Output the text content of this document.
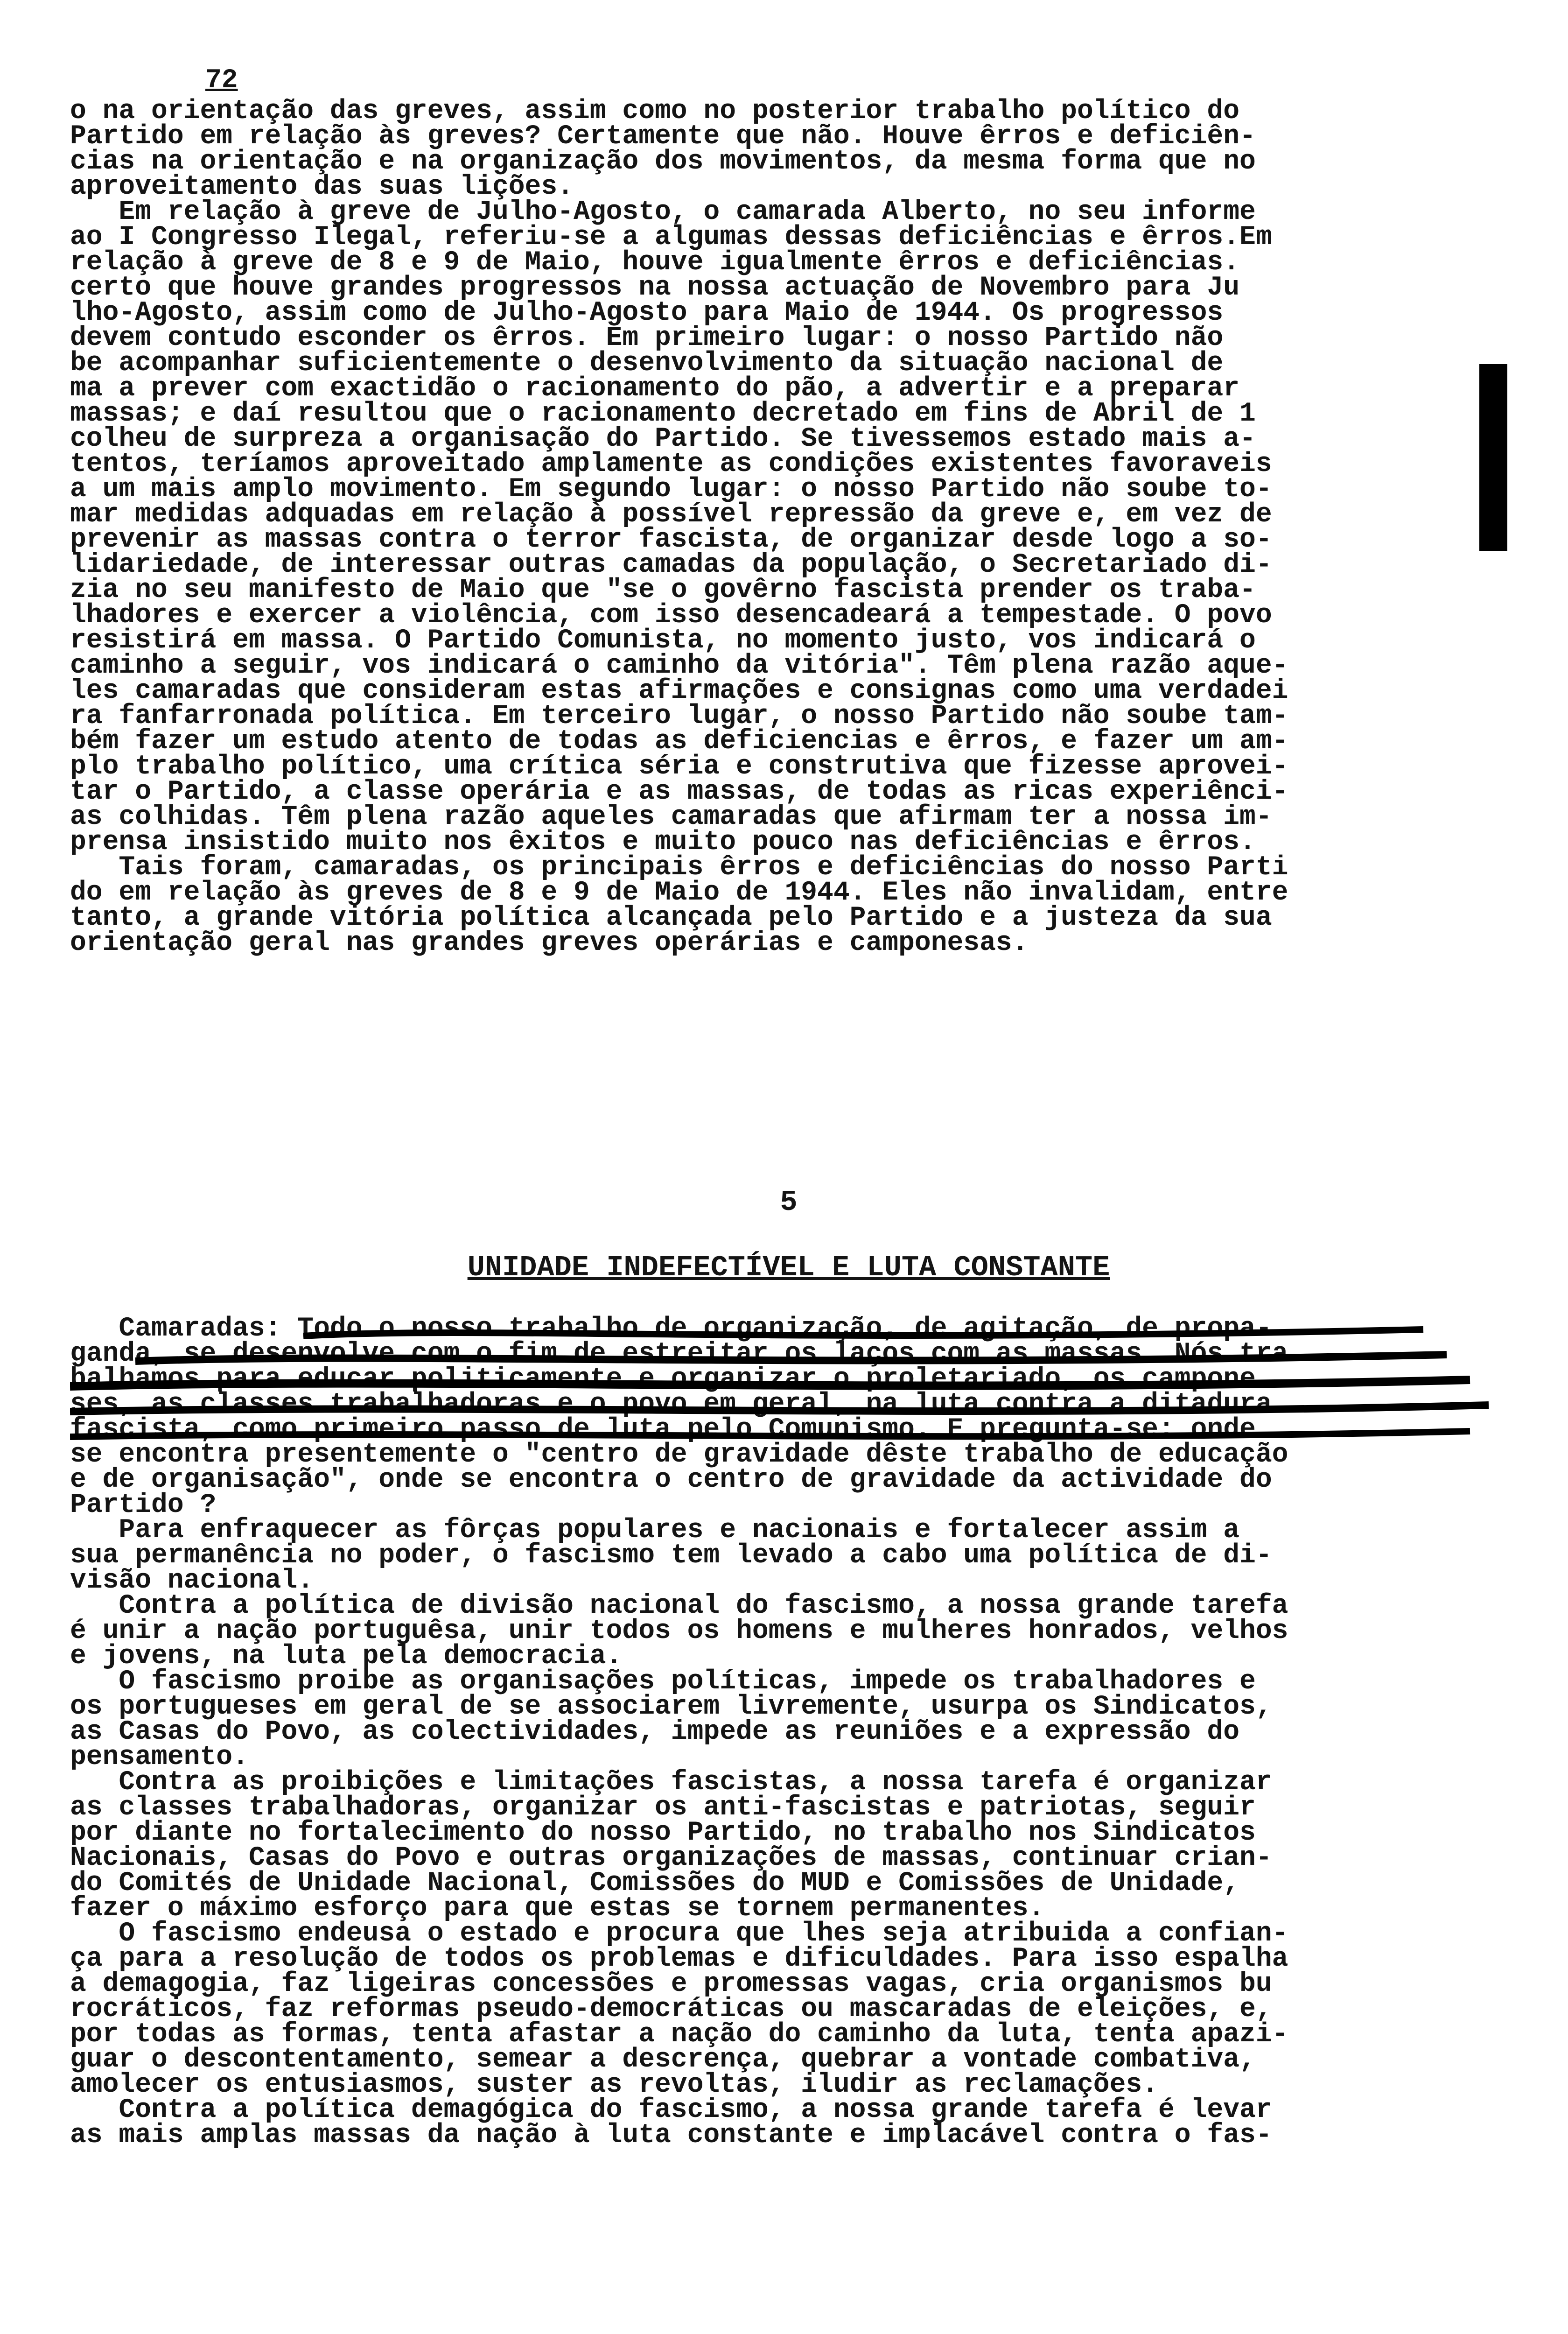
72
o na orientação das greves, assim como no posterior trabalho político do
Partido em relação às greves? Certamente que não. Houve êrros e deficiên-
cias na orientação e na organização dos movimentos, da mesma forma que no
aproveitamento das suas lições.
Em relação à greve de Julho-Agosto, o camarada Alberto, no seu informe
ao I Congresso Ilegal, referiu-se a algumas dessas deficiências e êrros.Em
relação à greve de 8 e 9 de Maio, houve igualmente êrros e deficiências.
certo que houve grandes progressos na nossa actuação de Novembro para Ju
lho-Agosto, assim como de Julho-Agosto para Maio de 1944. Os progressos
devem contudo esconder os êrros. Em primeiro lugar: o nosso Partido não
be acompanhar suficientemente o desenvolvimento da situação nacional de
ma a prever com exactidão o racionamento do pão, a advertir e a preparar
massas; e daí resultou que o racionamento decretado em fins de Abril de 1
colheu de surpreza a organisação do Partido. Se tivessemos estado mais a-
tentos, teríamos aproveitado amplamente as condições existentes favoraveis
a um mais amplo movimento. Em segundo lugar: o nosso Partido não soube to-
mar medidas adquadas em relação à possível repressão da greve e, em vez de
prevenir as massas contra o terror fascista, de organizar desde logo a so-
lidariedade, de interessar outras camadas da população, o Secretariado di-
zia no seu manifesto de Maio que "se o govêrno fascista prender os traba-
lhadores e exercer a violência, com isso desencadeará a tempestade. O povo
resistirá em massa. O Partido Comunista, no momento justo, vos indicará o
caminho a seguir, vos indicará o caminho da vitória". Têm plena razão aque-
les camaradas que consideram estas afirmações e consignas como uma verdadei
ra fanfarronada política. Em terceiro lugar, o nosso Partido não soube tam-
bém fazer um estudo atento de todas as deficiencias e êrros, e fazer um am-
plo trabalho político, uma crítica séria e construtiva que fizesse aprovei-
tar o Partido, a classe operária e as massas, de todas as ricas experiênci-
as colhidas. Têm plena razão aqueles camaradas que afirmam ter a nossa im-
prensa insistido muito nos êxitos e muito pouco nas deficiências e êrros.
Tais foram, camaradas, os principais êrros e deficiências do nosso Parti
do em relação às greves de 8 e 9 de Maio de 1944. Eles não invalidam, entre
tanto, a grande vitória política alcançada pelo Partido e a justeza da sua
orientação geral nas grandes greves operárias e camponesas.
5
UNIDADE INDEFECTÍVEL E LUTA CONSTANTE
Camaradas: Todo o nosso trabalho de organização, de agitação, de propa-
ganda, se desenvolve com o fim de estreitar os laços com as massas. Nós tra
balhamos para educar politicamente e organizar o proletariado, os campone
ses, as classes trabalhadoras e o povo em geral, na luta contra a ditadura
fascista, como primeiro passo de luta pelo Comunismo. E pregunta-se: onde
se encontra presentemente o "centro de gravidade dêste trabalho de educação
e de organisação", onde se encontra o centro de gravidade da actividade do
Partido ?
Para enfraquecer as fôrças populares e nacionais e fortalecer assim a
sua permanência no poder, o fascismo tem levado a cabo uma política de di-
visão nacional.
Contra a política de divisão nacional do fascismo, a nossa grande tarefa
é unir a nação portuguêsa, unir todos os homens e mulheres honrados, velhos
e jovens, na luta pela democracia.
O fascismo proibe as organisações políticas, impede os trabalhadores e
os portugueses em geral de se associarem livremente, usurpa os Sindicatos,
as Casas do Povo, as colectividades, impede as reuniões e a expressão do
pensamento.
Contra as proibições e limitações fascistas, a nossa tarefa é organizar
as classes trabalhadoras, organizar os anti-fascistas e patriotas, seguir
por diante no fortalecimento do nosso Partido, no trabalho nos Sindicatos
Nacionais, Casas do Povo e outras organizações de massas, continuar crian-
do Comités de Unidade Nacional, Comissões do MUD e Comissões de Unidade,
fazer o máximo esforço para que estas se tornem permanentes.
O fascismo endeusa o estado e procura que lhes seja atribuida a confian-
ça para a resolução de todos os problemas e dificuldades. Para isso espalha
a demagogia, faz ligeiras concessões e promessas vagas, cria organismos bu
rocráticos, faz reformas pseudo-democráticas ou mascaradas de eleições, e,
por todas as formas, tenta afastar a nação do caminho da luta, tenta apazi-
guar o descontentamento, semear a descrença, quebrar a vontade combativa,
amolecer os entusiasmos, suster as revoltas, iludir as reclamações.
Contra a política demagógica do fascismo, a nossa grande tarefa é levar
as mais amplas massas da nação à luta constante e implacável contra o fas-
